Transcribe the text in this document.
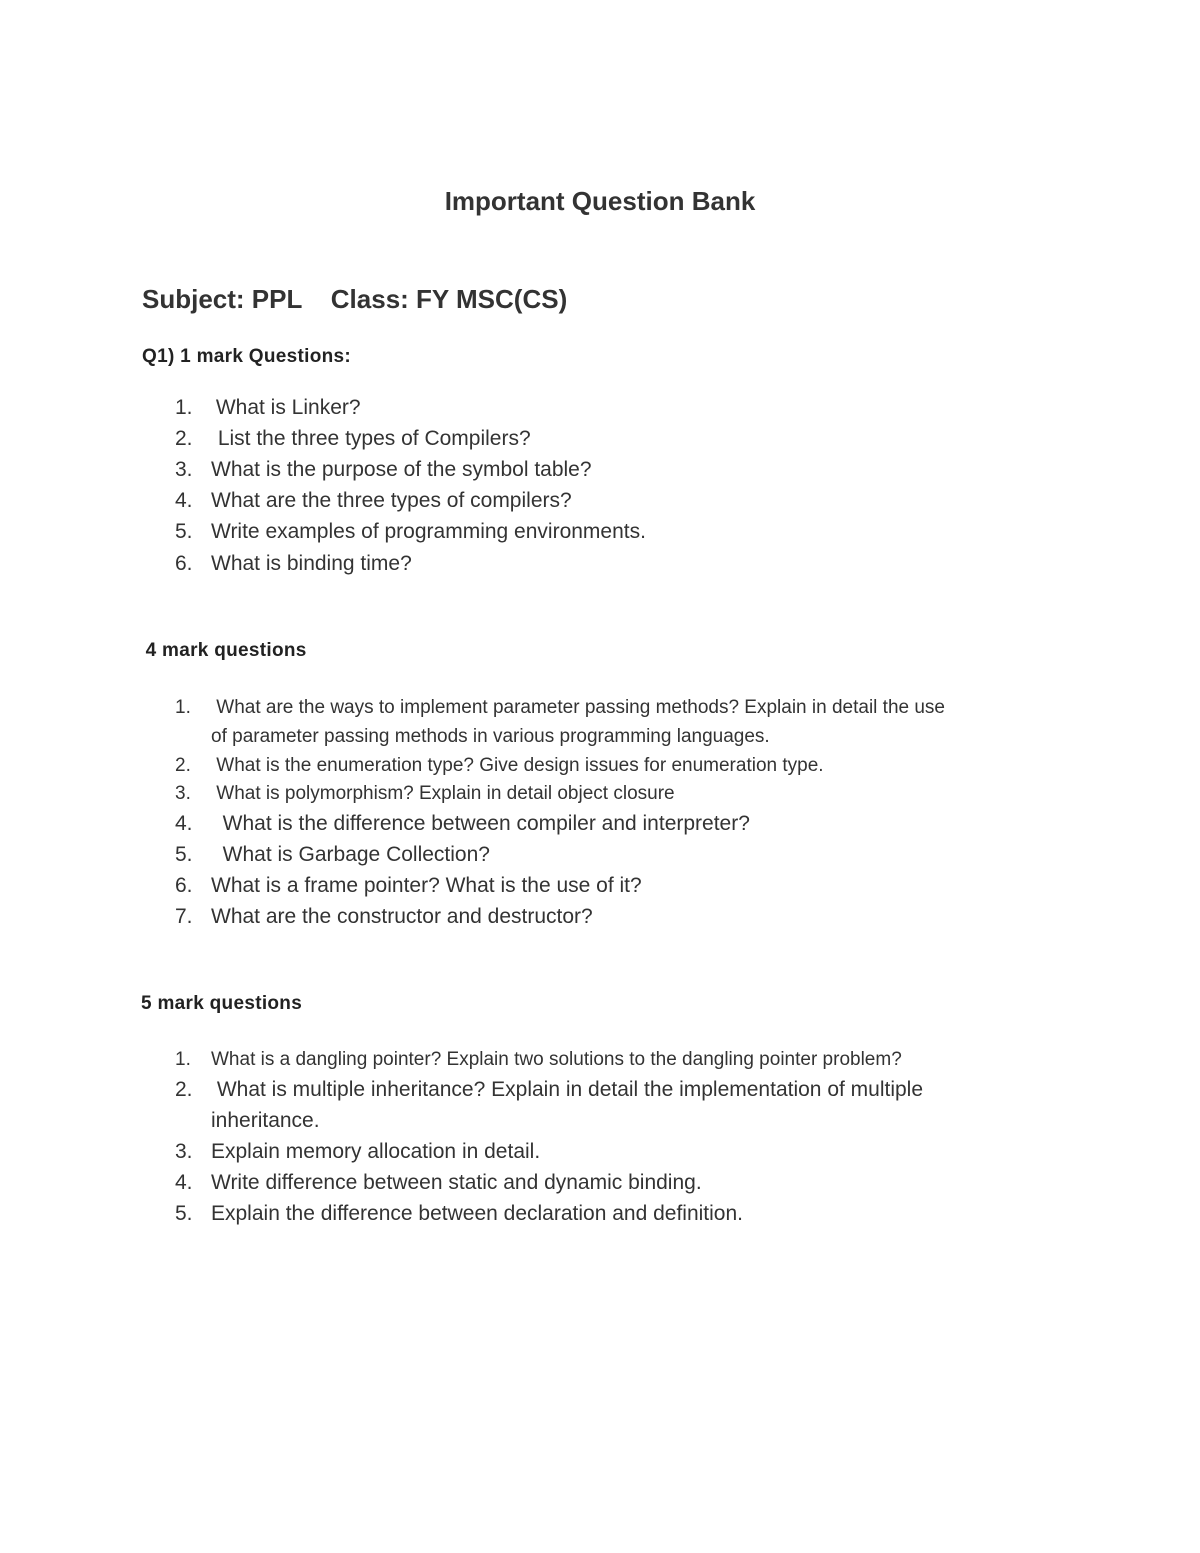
Important Question Bank
Subject: PPL    Class: FY MSC(CS)
Q1) 1 mark Questions:
1. What is Linker?
2. List the three types of Compilers?
3. What is the purpose of the symbol table?
4. What are the three types of compilers?
5. Write examples of programming environments.
6. What is binding time?
4 mark questions
1.	What are the ways to implement parameter passing methods? Explain in detail the use
of parameter passing methods in various programming languages.
2.	What is the enumeration type? Give design issues for enumeration type.
3.	What is polymorphism? Explain in detail object closure
4. What is the difference between compiler and interpreter?
5. What is Garbage Collection?
6. What is a frame pointer? What is the use of it?
7. What are the constructor and destructor?
5 mark questions
1.	What is a dangling pointer? Explain two solutions to the dangling pointer problem?
2. What is multiple inheritance? Explain in detail the implementation of multiple
inheritance.
3. Explain memory allocation in detail.
4. Write difference between static and dynamic binding.
5. Explain the difference between declaration and definition.
